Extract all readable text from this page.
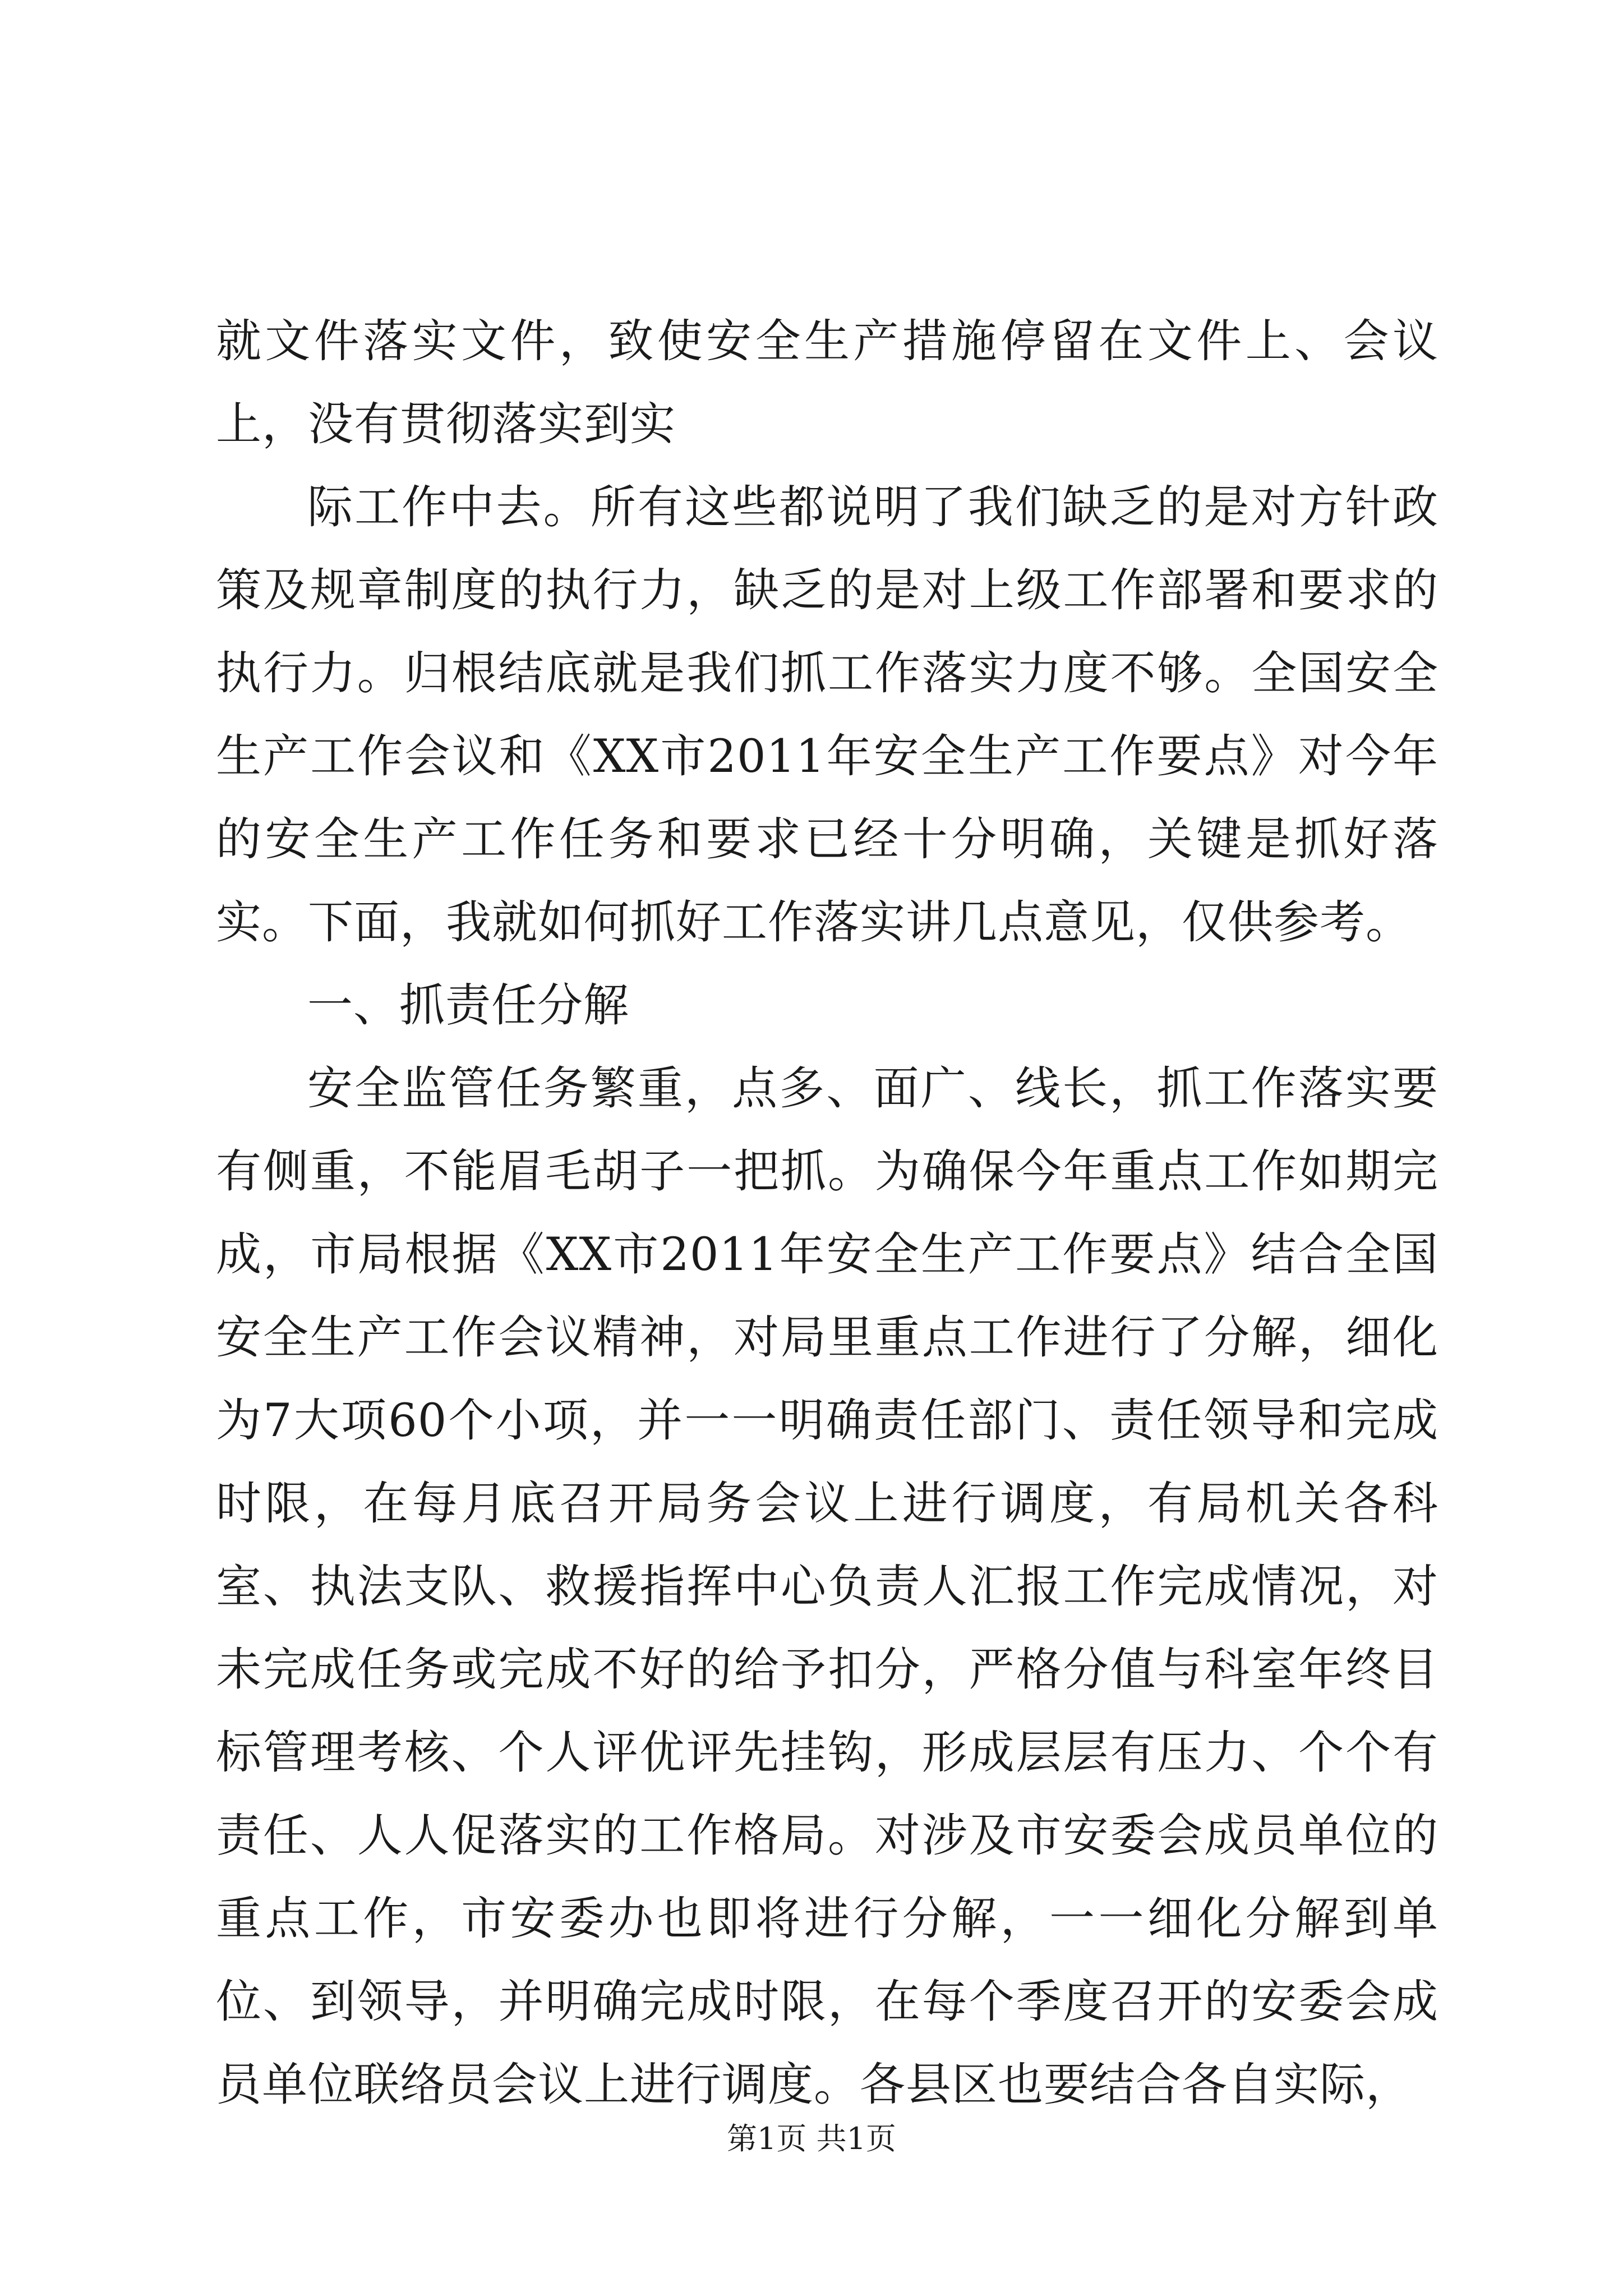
就文件落实文件，致使安全生产措施停留在文件上、会议上，没有贯彻落实到实

际工作中去。所有这些都说明了我们缺乏的是对方针政策及规章制度的执行力，缺乏的是对上级工作部署和要求的执行力。归根结底就是我们抓工作落实力度不够。全国安全生产工作会议和《XX市2011年安全生产工作要点》对今年的安全生产工作任务和要求已经十分明确，关键是抓好落实。下面，我就如何抓好工作落实讲几点意见，仅供参考。

一、抓责任分解

安全监管任务繁重，点多、面广、线长，抓工作落实要有侧重，不能眉毛胡子一把抓。为确保今年重点工作如期完成，市局根据《XX市2011年安全生产工作要点》结合全国安全生产工作会议精神，对局里重点工作进行了分解，细化为7大项60个小项，并一一明确责任部门、责任领导和完成时限，在每月底召开局务会议上进行调度，有局机关各科室、执法支队、救援指挥中心负责人汇报工作完成情况，对未完成任务或完成不好的给予扣分，严格分值与科室年终目标管理考核、个人评优评先挂钩，形成层层有压力、个个有责任、人人促落实的工作格局。对涉及市安委会成员单位的重点工作，市安委办也即将进行分解，一一细化分解到单位、到领导，并明确完成时限，在每个季度召开的安委会成员单位联络员会议上进行调度。各县区也要结合各自实际，

第1页 共1页
